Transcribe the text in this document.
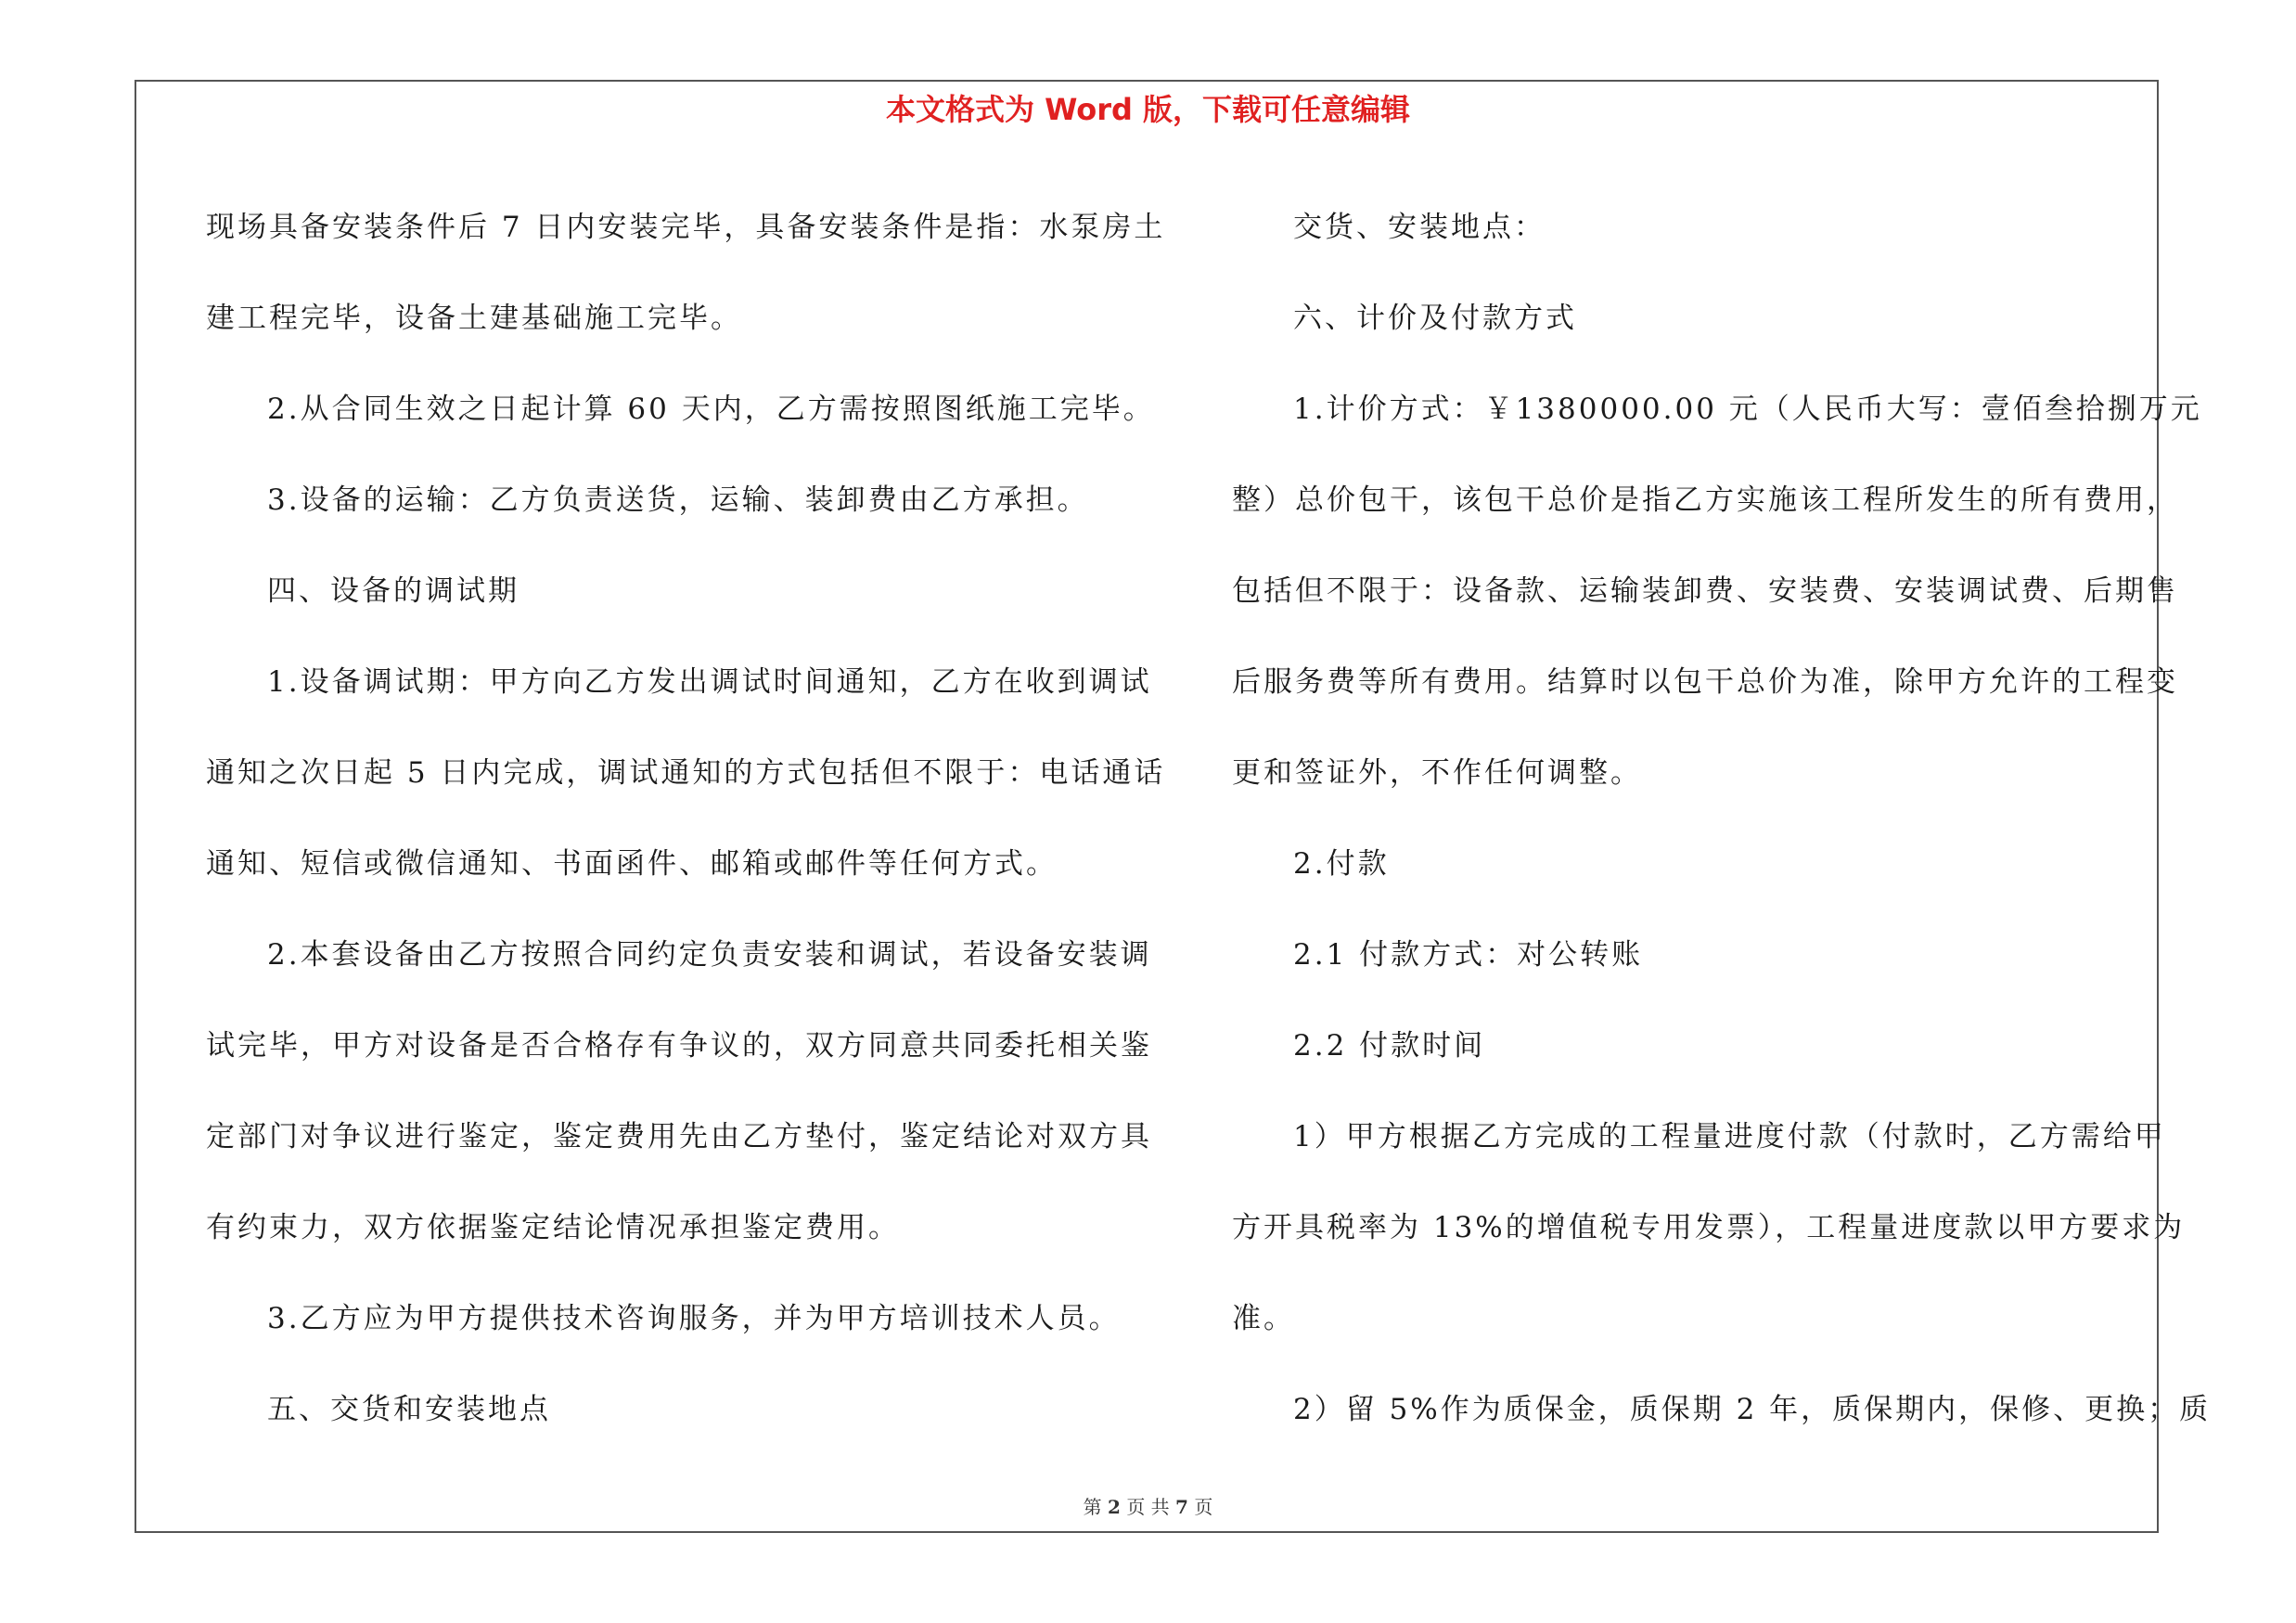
本文格式为 Word 版，下载可任意编辑

现场具备安装条件后 7 日内安装完毕，具备安装条件是指：水泵房土

建工程完毕，设备土建基础施工完毕。

2.从合同生效之日起计算 60 天内，乙方需按照图纸施工完毕。

3.设备的运输：乙方负责送货，运输、装卸费由乙方承担。

四、设备的调试期

1.设备调试期：甲方向乙方发出调试时间通知，乙方在收到调试

通知之次日起 5 日内完成，调试通知的方式包括但不限于：电话通话

通知、短信或微信通知、书面函件、邮箱或邮件等任何方式。

2.本套设备由乙方按照合同约定负责安装和调试，若设备安装调

试完毕，甲方对设备是否合格存有争议的，双方同意共同委托相关鉴

定部门对争议进行鉴定，鉴定费用先由乙方垫付，鉴定结论对双方具

有约束力，双方依据鉴定结论情况承担鉴定费用。

3.乙方应为甲方提供技术咨询服务，并为甲方培训技术人员。

五、交货和安装地点

交货、安装地点：

六、计价及付款方式

1.计价方式：￥1380000.00 元（人民币大写：壹佰叁拾捌万元

整）总价包干，该包干总价是指乙方实施该工程所发生的所有费用，

包括但不限于：设备款、运输装卸费、安装费、安装调试费、后期售

后服务费等所有费用。结算时以包干总价为准，除甲方允许的工程变

更和签证外，不作任何调整。

2.付款

2.1 付款方式：对公转账

2.2 付款时间

1）甲方根据乙方完成的工程量进度付款（付款时，乙方需给甲

方开具税率为 13%的增值税专用发票），工程量进度款以甲方要求为

准。

2）留 5%作为质保金，质保期 2 年，质保期内，保修、更换；质

第 2 页 共 7 页
